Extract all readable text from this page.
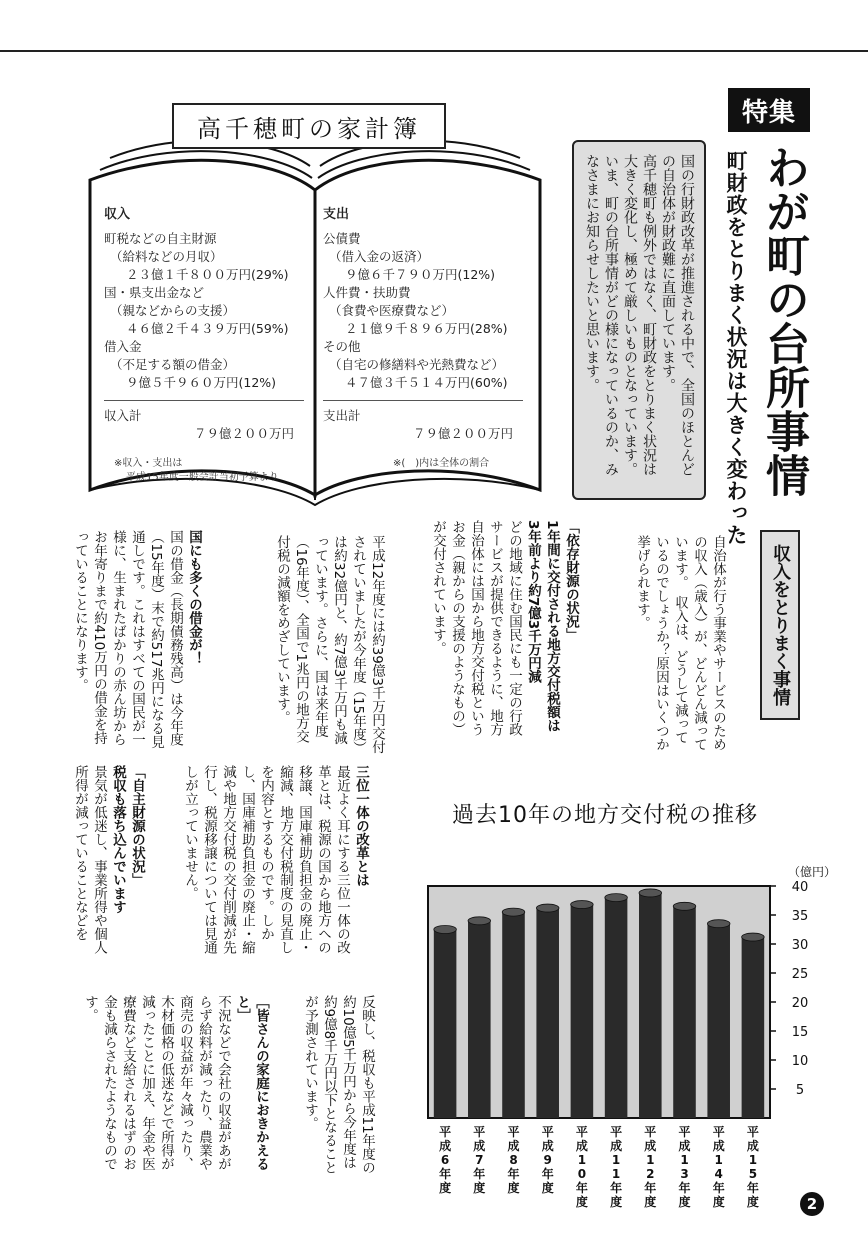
特集
わが町の台所事情
町財政をとりまく状況は大きく変わった

国の行財政改革が推進される中で、全国のほとんどの自治体が財政難に直面しています。

高千穂町も例外ではなく、町財政をとりまく状況は大きく変化し、極めて厳しいものとなっています。

いま、町の台所事情がどの様になっているのか、みなさまにお知らせしたいと思います。

高千穂町の家計簿
収入
町税などの自主財源
（給料などの月収）
２３億１千８００万円(29%)
国・県支出金など
（親などからの支援）
４６億２千４３９万円(59%)
借入金
（不足する額の借金）
９億５千９６０万円(12%)
収入計
７９億２００万円
※収入・支出は
平成15年度一般会計当初予算より
支出
公債費
（借入金の返済）
９億６千７９０万円(12%)
人件費・扶助費
（食費や医療費など）
２１億９千８９６万円(28%)
その他
（自宅の修繕料や光熱費など）
４７億３千５１４万円(60%)
支出計
７９億２００万円
※(　)内は全体の割合
収入をとりまく事情

自治体が行う事業やサービスのための収入（歳入）が、どんどん減っています。　収入は、どうして減っているのでしょうか？原因はいくつか挙げられます。

「依存財源の状況」

1年間に交付される地方交付税額は

3年前より約7億3千万円減

どの地域に住む国民にも一定の行政サービスが提供できるように、地方自治体には国から地方交付税というお金（親からの支援のようなもの）が交付されています。

平成12年度には約39億3千万円交付されていましたが今年度（15年度）は約32億円と、約7億3千万円も減っています。さらに、国は来年度（16年度）、全国で1兆円の地方交付税の減額をめざしています。

国にも多くの借金が！

国の借金（長期債務残高）は今年度（15年度）末で約517兆円になる見通しです。これはすべての国民が一様に、生まれたばかりの赤ん坊からお年寄りまで約410万円の借金を持っていることになります。

三位一体の改革とは

最近よく耳にする三位一体の改革とは、税源の国から地方への移譲、国庫補助負担金の廃止・縮減、地方交付税制度の見直しを内容とするものです。しかし、国庫補助負担金の廃止・縮減や地方交付税の交付削減が先行し、税源移譲については見通しが立っていません。

「自主財源の状況」

税収も落ち込んでいます

景気が低迷し、事業所得や個人所得が減っていることなどを

反映し、税収も平成11年度の約10億5千万円から今年度は約9億8千万円以下となることが予測されています。

［皆さんの家庭におきかえると］

不況などで会社の収益があがらず給料が減ったり、農業や商売の収益が年々減ったり、木材価格の低迷などで所得が減ったことに加え、年金や医療費など支給されるはずのお金も減らされたようなものです。

過去10年の地方交付税の推移
（億円）
5
10
15
20
25
30
35
40
平成 6 年度
平成 7 年度
平成 8 年度
平成 9 年度
平成 1 0 年度
平成 1 1 年度
平成 1 2 年度
平成 1 3 年度
平成 1 4 年度
平成 1 5 年度	2
